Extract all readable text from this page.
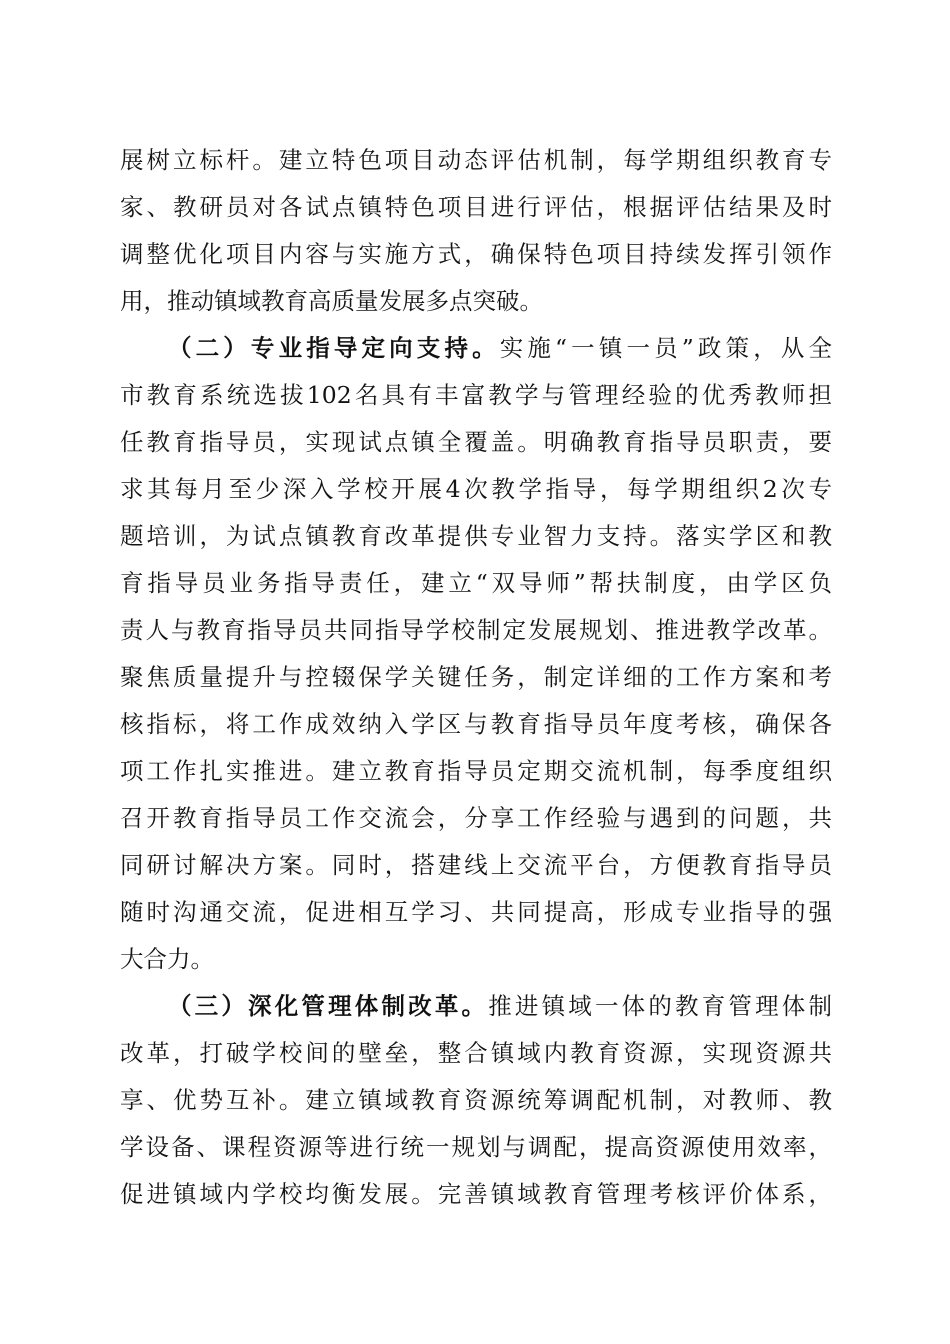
展树立标杆。建立特色项目动态评估机制，每学期组织教育专

家、教研员对各试点镇特色项目进行评估，根据评估结果及时

调整优化项目内容与实施方式，确保特色项目持续发挥引领作

用，推动镇域教育高质量发展多点突破。

（二）专业指导定向支持。实施“一镇一员”政策，从全

市教育系统选拔102名具有丰富教学与管理经验的优秀教师担

任教育指导员，实现试点镇全覆盖。明确教育指导员职责，要

求其每月至少深入学校开展4次教学指导，每学期组织2次专

题培训，为试点镇教育改革提供专业智力支持。落实学区和教

育指导员业务指导责任，建立“双导师”帮扶制度，由学区负

责人与教育指导员共同指导学校制定发展规划、推进教学改革。

聚焦质量提升与控辍保学关键任务，制定详细的工作方案和考

核指标，将工作成效纳入学区与教育指导员年度考核，确保各

项工作扎实推进。建立教育指导员定期交流机制，每季度组织

召开教育指导员工作交流会，分享工作经验与遇到的问题，共

同研讨解决方案。同时，搭建线上交流平台，方便教育指导员

随时沟通交流，促进相互学习、共同提高，形成专业指导的强

大合力。

（三）深化管理体制改革。推进镇域一体的教育管理体制

改革，打破学校间的壁垒，整合镇域内教育资源，实现资源共

享、优势互补。建立镇域教育资源统筹调配机制，对教师、教

学设备、课程资源等进行统一规划与调配，提高资源使用效率，

促进镇域内学校均衡发展。完善镇域教育管理考核评价体系，
